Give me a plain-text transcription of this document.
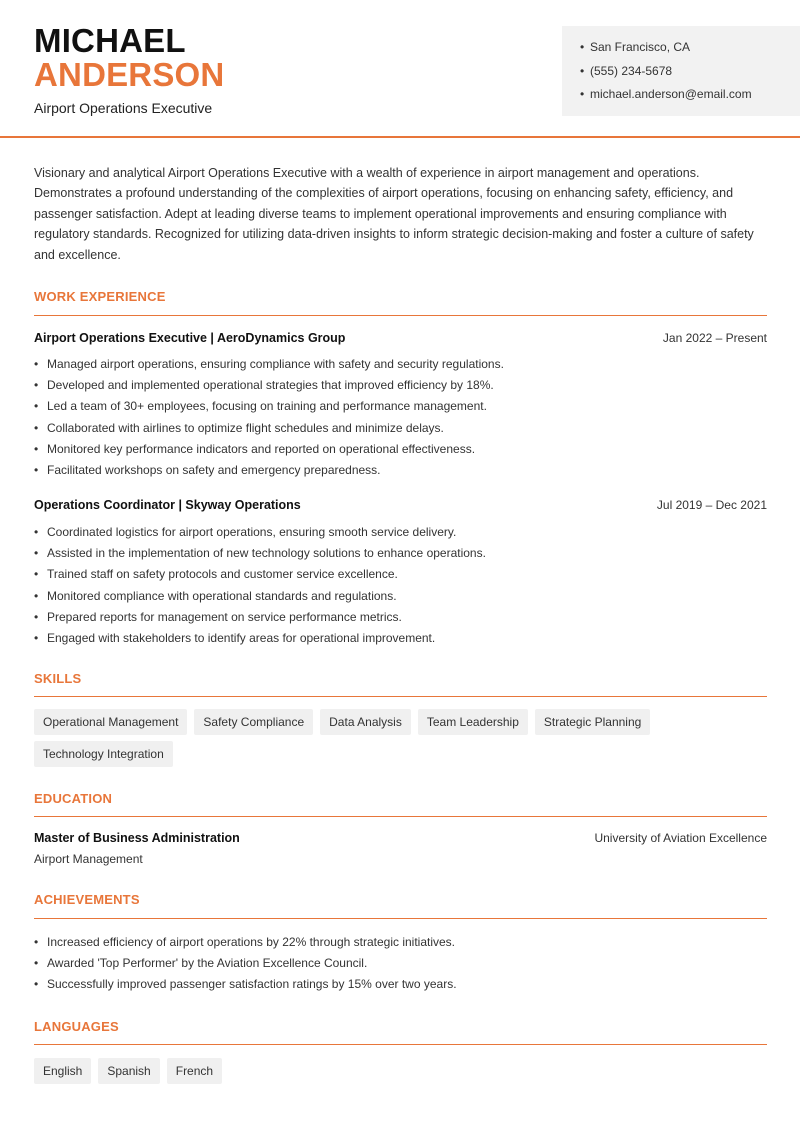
MICHAEL
ANDERSON
Airport Operations Executive
• San Francisco, CA
• (555) 234-5678
• michael.anderson@email.com
Visionary and analytical Airport Operations Executive with a wealth of experience in airport management and operations. Demonstrates a profound understanding of the complexities of airport operations, focusing on enhancing safety, efficiency, and passenger satisfaction. Adept at leading diverse teams to implement operational improvements and ensuring compliance with regulatory standards. Recognized for utilizing data-driven insights to inform strategic decision-making and foster a culture of safety and excellence.
WORK EXPERIENCE
Airport Operations Executive | AeroDynamics Group	Jan 2022 – Present
• Managed airport operations, ensuring compliance with safety and security regulations.
• Developed and implemented operational strategies that improved efficiency by 18%.
• Led a team of 30+ employees, focusing on training and performance management.
• Collaborated with airlines to optimize flight schedules and minimize delays.
• Monitored key performance indicators and reported on operational effectiveness.
• Facilitated workshops on safety and emergency preparedness.
Operations Coordinator | Skyway Operations	Jul 2019 – Dec 2021
• Coordinated logistics for airport operations, ensuring smooth service delivery.
• Assisted in the implementation of new technology solutions to enhance operations.
• Trained staff on safety protocols and customer service excellence.
• Monitored compliance with operational standards and regulations.
• Prepared reports for management on service performance metrics.
• Engaged with stakeholders to identify areas for operational improvement.
SKILLS
Operational Management	Safety Compliance	Data Analysis	Team Leadership	Strategic Planning
Technology Integration
EDUCATION
Master of Business Administration	University of Aviation Excellence
Airport Management
ACHIEVEMENTS
• Increased efficiency of airport operations by 22% through strategic initiatives.
• Awarded 'Top Performer' by the Aviation Excellence Council.
• Successfully improved passenger satisfaction ratings by 15% over two years.
LANGUAGES
English	Spanish	French
